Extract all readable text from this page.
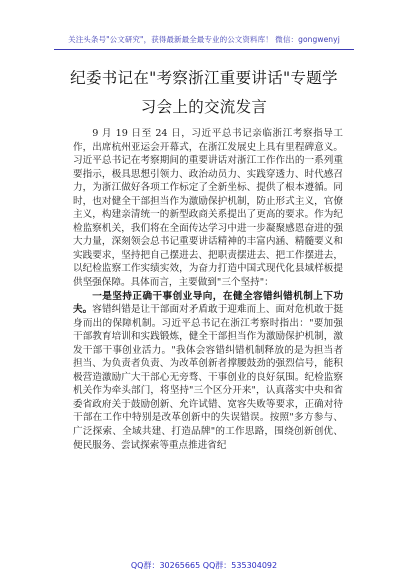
关注头条号"公文研究"，获得最新最全最专业的公文资料库！ 微信：gongwenyj
纪委书记在"考察浙江重要讲话"专题学
习会上的交流发言

9 月 19 日至 24 日，习近平总书记亲临浙江考察指导工作，出席杭州亚运会开幕式，在浙江发展史上具有里程碑意义。习近平总书记在考察期间的重要讲话对浙江工作作出的一系列重要指示，极具思想引领力、政治动员力、实践穿透力、时代感召力，为浙江做好各项工作标定了全新坐标、提供了根本遵循。同时，也对健全干部担当作为激励保护机制，防止形式主义，官僚主义，构建亲清统一的新型政商关系提出了更高的要求。作为纪检监察机关，我们将在全面传达学习中进一步凝聚感恩奋进的强大力量，深刻领会总书记重要讲话精神的丰富内涵、精髓要义和实践要求，坚持把自己摆进去、把职责摆进去、把工作摆进去，以纪检监察工作实绩实效，为奋力打造中国式现代化县域样板提供坚强保障。具体而言，主要做到"三个坚持"：

一是坚持正确干事创业导向，在健全容错纠错机制上下功夫。容错纠错是让干部面对矛盾敢于迎难而上、面对危机敢于挺身而出的保障机制。习近平总书记在浙江考察时指出："要加强干部教育培训和实践锻炼，健全干部担当作为激励保护机制，激发干部干事创业活力。"我体会容错纠错机制释放的是为担当者担当、为负责者负责、为改革创新者撑腰鼓劲的强烈信号，能积极营造激励广大干部心无旁骛、干事创业的良好氛围。纪检监察机关作为牵头部门，将坚持"三个区分开来"，认真落实中央和省委省政府关于鼓励创新、允许试错、宽容失败等要求，正确对待干部在工作中特别是改革创新中的失误错误。按照"多方参与、广泛探索、全域共建、打造品牌"的工作思路，围绕创新创优、便民服务、尝试探索等重点推进省纪

QQ群：30265665 QQ群：535304092
